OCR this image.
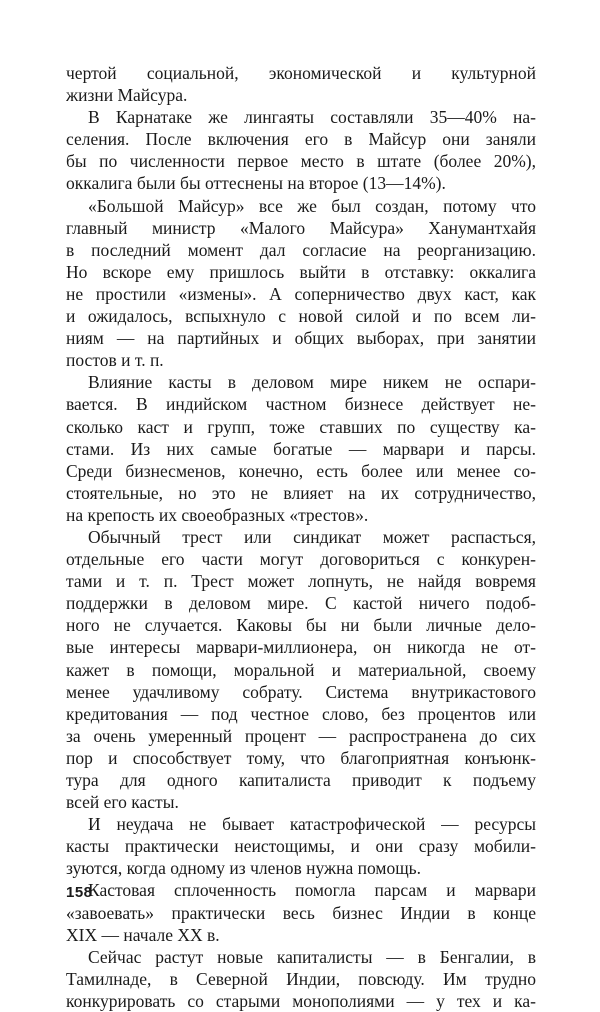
чертой социальной, экономической и культурной
жизни Майсура.

В Карнатаке же лингаяты составляли 35—40% на-
селения. После включения его в Майсур они заняли
бы по численности первое место в штате (более 20%),
оккалига были бы оттеснены на второе (13—14%).

«Большой Майсур» все же был создан, потому что
главный министр «Малого Майсура» Ханумантхайя
в последний момент дал согласие на реорганизацию.
Но вскоре ему пришлось выйти в отставку: оккалига
не простили «измены». А соперничество двух каст, как
и ожидалось, вспыхнуло с новой силой и по всем ли-
ниям — на партийных и общих выборах, при занятии
постов и т. п.

Влияние касты в деловом мире никем не оспари-
вается. В индийском частном бизнесе действует не-
сколько каст и групп, тоже ставших по существу ка-
стами. Из них самые богатые — марвари и парсы.
Среди бизнесменов, конечно, есть более или менее со-
стоятельные, но это не влияет на их сотрудничество,
на крепость их своеобразных «трестов».

Обычный трест или синдикат может распасться,
отдельные его части могут договориться с конкурен-
тами и т. п. Трест может лопнуть, не найдя вовремя
поддержки в деловом мире. С кастой ничего подоб-
ного не случается. Каковы бы ни были личные дело-
вые интересы марвари-миллионера, он никогда не от-
кажет в помощи, моральной и материальной, своему
менее удачливому собрату. Система внутрикастового
кредитования — под честное слово, без процентов или
за очень умеренный процент — распространена до сих
пор и способствует тому, что благоприятная конъюнк-
тура для одного капиталиста приводит к подъему
всей его касты.

И неудача не бывает катастрофической — ресурсы
касты практически неистощимы, и они сразу мобили-
зуются, когда одному из членов нужна помощь.

Кастовая сплоченность помогла парсам и марвари
«завоевать» практически весь бизнес Индии в конце
XIX — начале XX в.

Сейчас растут новые капиталисты — в Бенгалии, в
Тамилнаде, в Северной Индии, повсюду. Им трудно
конкурировать со старыми монополиями — у тех и ка-

158
